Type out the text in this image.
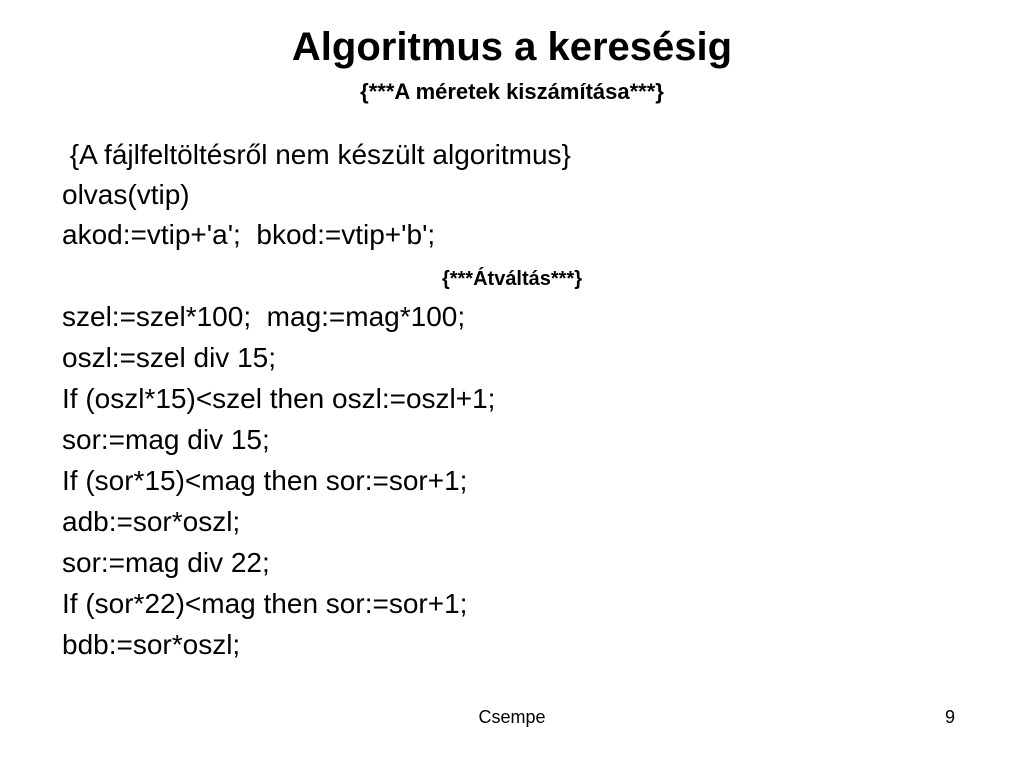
Algoritmus a keresésig
{***A méretek kiszámítása***}

{A fájlfeltöltésről nem készült algoritmus}

olvas(vtip)

akod:=vtip+'a';  bkod:=vtip+'b';

{***Átváltás***}

szel:=szel*100;  mag:=mag*100;

oszl:=szel div 15;

If (oszl*15)<szel then oszl:=oszl+1;

sor:=mag div 15;

If (sor*15)<mag then sor:=sor+1;

adb:=sor*oszl;

sor:=mag div 22;

If (sor*22)<mag then sor:=sor+1;

bdb:=sor*oszl;

Csempe	9
